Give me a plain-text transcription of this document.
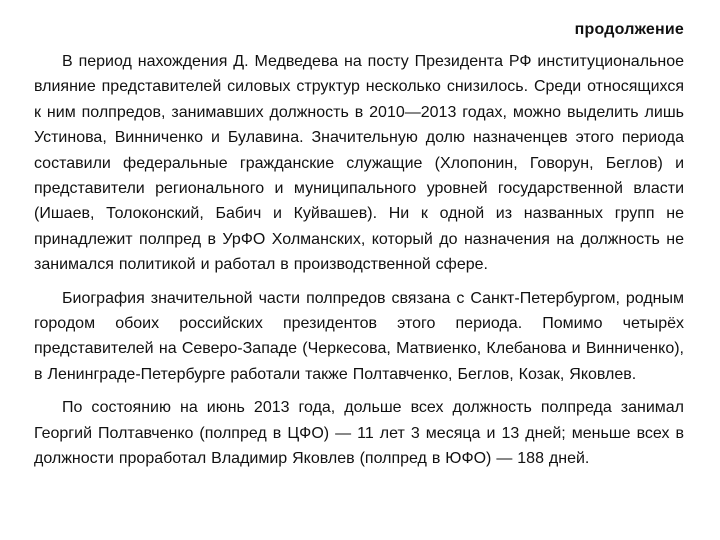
продолжение

В период нахождения Д. Медведева на посту Президента РФ институциональное влияние представителей силовых структур несколько снизилось. Среди относящихся к ним полпредов, занимавших должность в 2010—2013 годах, можно выделить лишь Устинова, Винниченко и Булавина. Значительную долю назначенцев этого периода составили федеральные гражданские служащие (Хлопонин, Говорун, Беглов) и представители регионального и муниципального уровней государственной власти (Ишаев, Толоконский, Бабич и Куйвашев). Ни к одной из названных групп не принадлежит полпред в УрФО Холманских, который до назначения на должность не занимался политикой и работал в производственной сфере.

Биография значительной части полпредов связана с Санкт-Петербургом, родным городом обоих российских президентов этого периода. Помимо четырёх представителей на Северо-Западе (Черкесова, Матвиенко, Клебанова и Винниченко), в Ленинграде-Петербурге работали также Полтавченко, Беглов, Козак, Яковлев.

По состоянию на июнь 2013 года, дольше всех должность полпреда занимал Георгий Полтавченко (полпред в ЦФО) — 11 лет 3 месяца и 13 дней; меньше всех в должности проработал Владимир Яковлев (полпред в ЮФО) — 188 дней.
